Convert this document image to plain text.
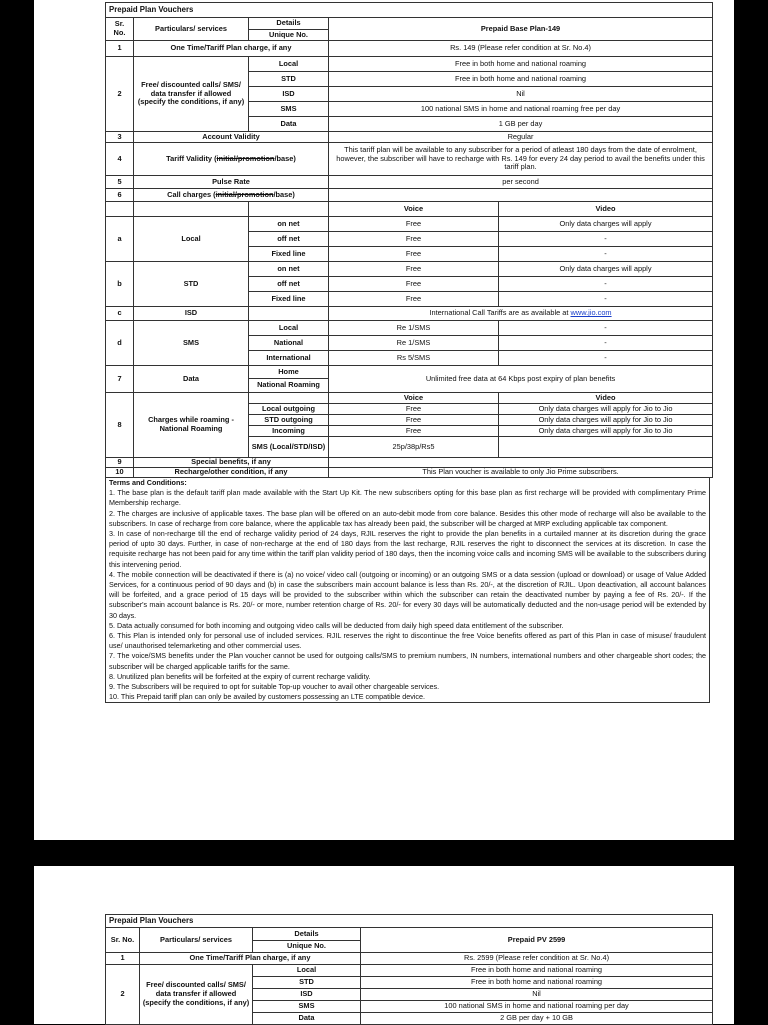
Prepaid Plan Vouchers				
Sr. No.	Particulars/ services	Details	Prepaid Base Plan-149	
		Unique No.		
1	One Time/Tariff Plan charge, if any		Rs. 149 (Please refer condition at Sr. No.4)	
2	Free/ discounted calls/ SMS/ data transfer if allowed (specify the conditions, if any)	Local	Free in both home and national roaming	
		STD	Free in both home and national roaming	
		ISD	Nil	
		SMS	100 national SMS in home and national roaming free per day	
		Data	1 GB per day	
3	Account Validity		Regular	
4	Tariff Validity (initial/promotion/base)		This tariff plan will be available to any subscriber for a period of atleast 180 days from the date of enrolment, however, the subscriber will have to recharge with Rs. 149 for every 24 day period to avail the benefits under this tariff plan.	
5	Pulse Rate		per second	
6	Call charges (initial/promotion/base)			
			Voice	Video
a	Local	on net	Free	Only data charges will apply
		off net	Free	-
		Fixed line	Free	-
b	STD	on net	Free	Only data charges will apply
		off net	Free	-
		Fixed line	Free	-
c	ISD		International Call Tariffs are as available at www.jio.com	
d	SMS	Local	Re 1/SMS	-
		National	Re 1/SMS	-
		International	Rs 5/SMS	-
7	Data	Home	Unlimited free data at 64 Kbps post expiry of plan benefits	
		National Roaming		
8	Charges while roaming - National Roaming		Voice	Video
		Local outgoing	Free	Only data charges will apply for Jio to Jio
		STD outgoing	Free	Only data charges will apply for Jio to Jio
		Incoming	Free	Only data charges will apply for Jio to Jio
		SMS (Local/STD/ISD)	25p/38p/Rs5	
9	Special benefits, if any			
10	Recharge/other condition, if any		This Plan voucher is available to only Jio Prime subscribers.	

Terms and Conditions:

1. The base plan is the default tariff plan made available with the Start Up Kit. The new subscribers opting for this base plan as first recharge will be provided with complimentary Prime Membership recharge.

2. The charges are inclusive of applicable taxes. The base plan will be offered on an auto-debit mode from core balance. Besides this other mode of recharge will also be available to the subscribers. In case of recharge from core balance, where the applicable tax has already been paid, the subscriber will be charged at MRP excluding applicable tax component.

3. In case of non-recharge till the end of recharge validity period of 24 days, RJIL reserves the right to provide the plan benefits in a curtailed manner at its discretion during the grace period of upto 30 days. Further, in case of non-recharge at the end of 180 days from the last recharge, RJIL reserves the right to disconnect the services at its discretion. In case the requisite recharge has not been paid for any time within the tariff plan validity period of 180 days, then the incoming voice calls and incoming SMS will be available to the subscribers during this intervening period.

4. The mobile connection will be deactivated if there is (a) no voice/ video call (outgoing or incoming) or an outgoing SMS or a data session (upload or download) or usage of Value Added Services, for a continuous period of 90 days and (b) in case the subscribers main account balance is less than Rs. 20/-, at the discretion of RJIL. Upon deactivation, all account balances will be forfeited, and a grace period of 15 days will be provided to the subscriber within which the subscriber can retain the deactivated number by paying a fee of Rs. 20/-. If the subscriber's main account balance is Rs. 20/- or more, number retention charge of Rs. 20/- for every 30 days will be automatically deducted and the non-usage period will be extended by 30 days.

5. Data actually consumed for both incoming and outgoing video calls will be deducted from daily high speed data entitlement of the subscriber.

6. This Plan is intended only for personal use of included services. RJIL reserves the right to discontinue the free Voice benefits offered as part of this Plan in case of misuse/ fraudulent use/ unauthorised telemarketing and other commercial uses.

7. The voice/SMS benefits under the Plan voucher cannot be used for outgoing calls/SMS to premium numbers, IN numbers, international numbers and other chargeable short codes; the subscriber will be charged applicable tariffs for the same.

8. Unutilized plan benefits will be forfeited at the expiry of current recharge validity.

9. The Subscribers will be required to opt for suitable Top-up voucher to avail other chargeable services.

10. This Prepaid tariff plan can only be availed by customers possessing an LTE compatible device.

Prepaid Plan Vouchers			
Sr. No.	Particulars/ services	Details	Prepaid PV 2599
		Unique No.	
1	One Time/Tariff Plan charge, if any		Rs. 2599 (Please refer condition at Sr. No.4)
2	Free/ discounted calls/ SMS/ data transfer if allowed (specify the conditions, if any)	Local	Free in both home and national roaming
		STD	Free in both home and national roaming
		ISD	Nil
		SMS	100 national SMS in home and national roaming per day
		Data	2 GB per day + 10 GB
